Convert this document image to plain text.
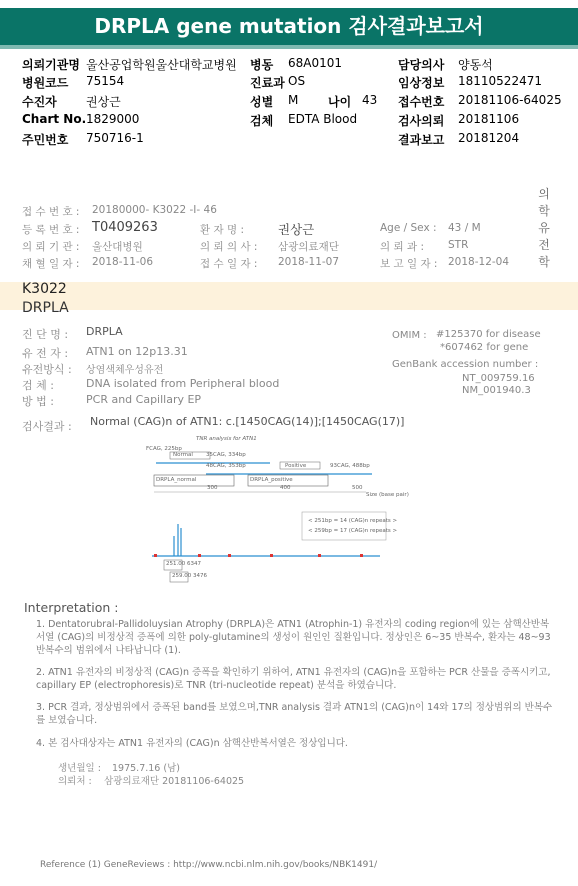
DRPLA gene mutation 검사결과보고서
의뢰기관명 울산공업학원울산대학교병원 병동 68A0101	담당의사 양동석
병원코드 75154	진료과 OS	임상정보 18110522471
수진자 권상근	성별 M 나이 43 접수번호 20181106-64025
Chart No. 1829000	검체 EDTA Blood	검사의뢰 20181106
주민번호 750716-1	결과보고 20181204
접 수 번 호 : 20180000- K3022 -I- 46
등 록 번 호 : T0409263	환 자 명 :	권상근	Age / Sex : 43 / M
의 뢰 기 관 : 울산대병원	의 뢰 의 사 : 삼광의료재단	의 뢰 과 : STR
채 혈 일 자 : 2018-11-06	접 수 일 자 : 2018-11-07	보 고 일 자 : 2018-12-04
의학유전학
K3022
DRPLA
진 단 명 : DRPLA
유 전 자 : ATN1 on 12p13.31
유전방식 : 상염색체우성유전
검 체 :	DNA isolated from Peripheral blood
방 법 :	PCR and Capillary EP
OMIM : #125370 for disease
*607462 for gene
GenBank accession number :
NT_009759.16
NM_001940.3
검사결과 : Normal (CAG)n of ATN1: c.[1450CAG(14)];[1450CAG(17)]
TNR analysis for ATN1
FCAG, 225bp
Normal 35CAG, 334bp
48CAG, 353bp	Positive	93CAG, 488bp
DRPLA_normal	DRPLA_positive
300	400	500
Size (base pair)
< 251bp = 14 (CAG)n repeats >
< 259bp = 17 (CAG)n repeats >
251.00 6347
259.00 3476
Interpretation :
1. Dentatorubral-Pallidoluysian Atrophy (DRPLA)은 ATN1 (Atrophin-1) 유전자의 coding region에 있는 삼핵산반복서열 (CAG)의 비정상적 증폭에 의한 poly-glutamine의 생성이 원인인 질환입니다. 정상인은 6~35 반복수, 환자는 48~93 반복수의 범위에서 나타납니다 (1).
2. ATN1 유전자의 비정상적 (CAG)n 증폭을 확인하기 위하여, ATN1 유전자의 (CAG)n을 포함하는 PCR 산물을 증폭시키고, capillary EP (electrophoresis)로 TNR (tri-nucleotide repeat) 분석을 하였습니다.
3. PCR 결과, 정상범위에서 증폭된 band를 보였으며,TNR analysis 결과 ATN1의 (CAG)n이 14와 17의 정상범위의 반복수를 보였습니다.
4. 본 검사대상자는 ATN1 유전자의 (CAG)n 삼핵산반복서열은 정상입니다.
생년월일 : 1975.7.16 (남)
의뢰처 : 삼광의료재단 20181106-64025
Reference (1) GeneReviews : http://www.ncbi.nlm.nih.gov/books/NBK1491/
